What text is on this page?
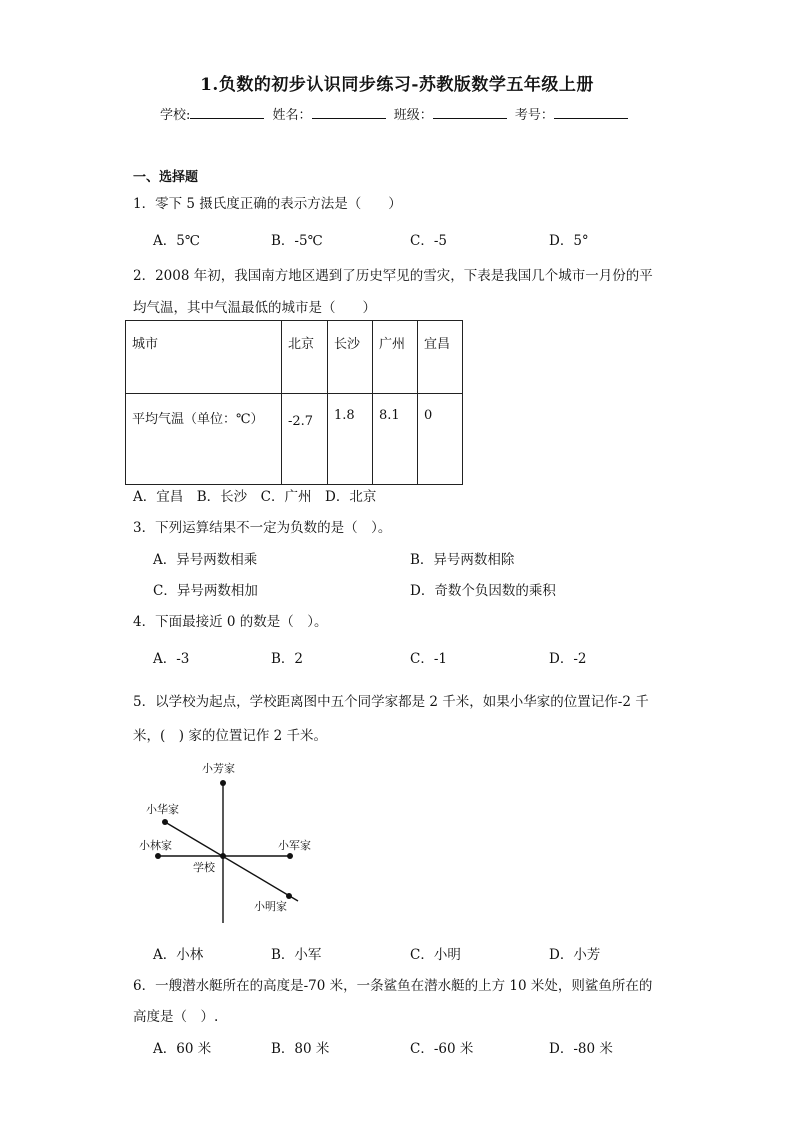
1.负数的初步认识同步练习-苏教版数学五年级上册
学校:	姓名：	班级：	考号：
一、选择题
1．零下 5 摄氏度正确的表示方法是（　　）
A．5℃	B．-5℃	C．-5	D．5°
2．2008 年初，我国南方地区遇到了历史罕见的雪灾，下表是我国几个城市一月份的平
均气温，其中气温最低的城市是（　　）
城市	北京	长沙	广州	宜昌
平均气温（单位：℃）	-2.7	1.8	8.1	0
A．宜昌　B．长沙　C．广州　D．北京
3．下列运算结果不一定为负数的是（　）。
A．异号两数相乘	B．异号两数相除
C．异号两数相加	D．奇数个负因数的乘积
4．下面最接近 0 的数是（　）。
A．-3	B．2	C．-1	D．-2
5．以学校为起点，学校距离图中五个同学家都是 2 千米，如果小华家的位置记作-2 千
米，(　) 家的位置记作 2 千米。
小芳家
小华家
小林家	小军家
学校
小明家
A．小林	B．小军	C．小明	D．小芳
6．一艘潜水艇所在的高度是-70 米，一条鲨鱼在潜水艇的上方 10 米处，则鲨鱼所在的
高度是（　）.
A．60 米	B．80 米	C．-60 米	D．-80 米
